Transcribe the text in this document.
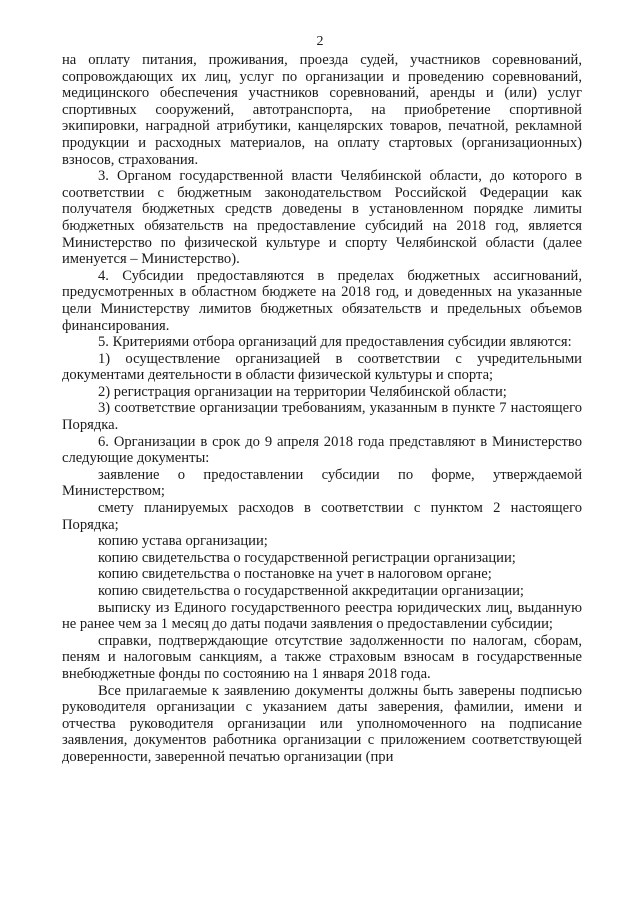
2

на оплату питания, проживания, проезда судей, участников соревнований, сопровождающих их лиц, услуг по организации и проведению соревнований, медицинского обеспечения участников соревнований, аренды и (или) услуг спортивных сооружений, автотранспорта, на приобретение спортивной экипировки, наградной атрибутики, канцелярских товаров, печатной, рекламной продукции и расходных материалов, на оплату стартовых (организационных) взносов, страхования.

3. Органом государственной власти Челябинской области, до которого в соответствии с бюджетным законодательством Российской Федерации как получателя бюджетных средств доведены в установленном порядке лимиты бюджетных обязательств на предоставление субсидий на 2018 год, является Министерство по физической культуре и спорту Челябинской области (далее именуется – Министерство).

4. Субсидии предоставляются в пределах бюджетных ассигнований, предусмотренных в областном бюджете на 2018 год, и доведенных на указанные цели Министерству лимитов бюджетных обязательств и предельных объемов финансирования.

5. Критериями отбора организаций для предоставления субсидии являются:

1) осуществление организацией в соответствии с учредительными документами деятельности в области физической культуры и спорта;

2) регистрация организации на территории Челябинской области;

3) соответствие организации требованиям, указанным в пункте 7 настоящего Порядка.

6. Организации в срок до 9 апреля 2018 года представляют в Министерство следующие документы:

заявление о предоставлении субсидии по форме, утверждаемой Министерством;

смету планируемых расходов в соответствии с пунктом 2 настоящего Порядка;

копию устава организации;

копию свидетельства о государственной регистрации организации;

копию свидетельства о постановке на учет в налоговом органе;

копию свидетельства о государственной аккредитации организации;

выписку из Единого государственного реестра юридических лиц, выданную не ранее чем за 1 месяц до даты подачи заявления о предоставлении субсидии;

справки, подтверждающие отсутствие задолженности по налогам, сборам, пеням и налоговым санкциям, а также страховым взносам в государственные внебюджетные фонды по состоянию на 1 января 2018 года.

Все прилагаемые к заявлению документы должны быть заверены подписью руководителя организации с указанием даты заверения, фамилии, имени и отчества руководителя организации или уполномоченного на подписание заявления, документов работника организации с приложением соответствующей доверенности, заверенной печатью организации (при
